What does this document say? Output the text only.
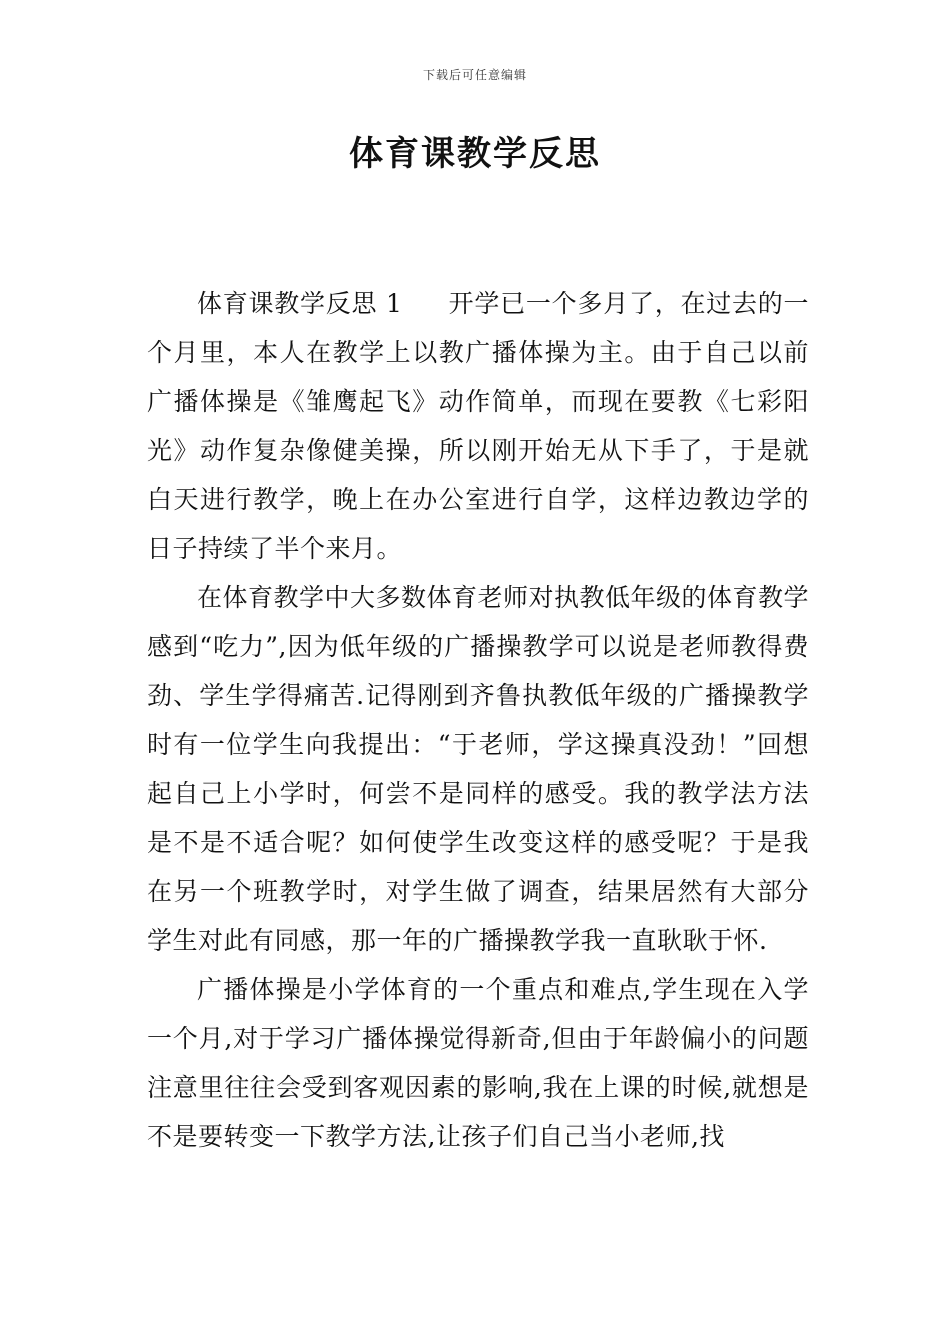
下载后可任意编辑
体育课教学反思

体育课教学反思 1 开学已一个多月了，在过去的一个月里，本人在教学上以教广播体操为主。由于自己以前广播体操是《雏鹰起飞》动作简单，而现在要教《七彩阳光》动作复杂像健美操，所以刚开始无从下手了，于是就白天进行教学，晚上在办公室进行自学，这样边教边学的日子持续了半个来月。

在体育教学中大多数体育老师对执教低年级的体育教学感到“吃力”,因为低年级的广播操教学可以说是老师教得费劲、学生学得痛苦.记得刚到齐鲁执教低年级的广播操教学时有一位学生向我提出：“于老师，学这操真没劲！”回想起自己上小学时，何尝不是同样的感受。我的教学法方法是不是不适合呢？如何使学生改变这样的感受呢？于是我在另一个班教学时，对学生做了调查，结果居然有大部分学生对此有同感，那一年的广播操教学我一直耿耿于怀.

广播体操是小学体育的一个重点和难点,学生现在入学一个月,对于学习广播体操觉得新奇,但由于年龄偏小的问题注意里往往会受到客观因素的影响,我在上课的时候,就想是不是要转变一下教学方法,让孩子们自己当小老师,找
